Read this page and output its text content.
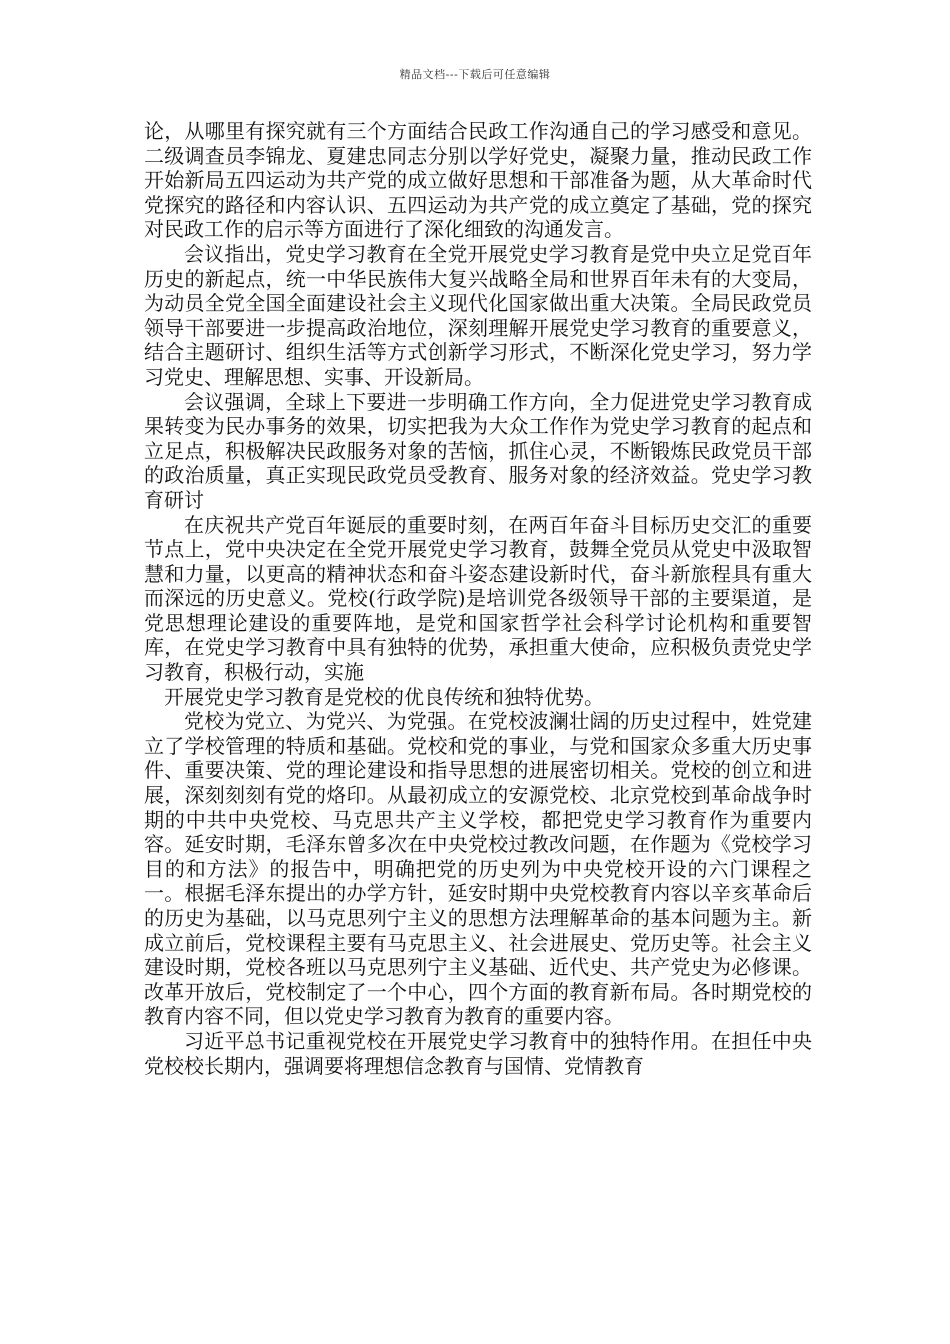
精品文档---下载后可任意编辑

论，从哪里有探究就有三个方面结合民政工作沟通自己的学习感受和意见。二级调查员李锦龙、夏建忠同志分别以学好党史，凝聚力量，推动民政工作开始新局五四运动为共产党的成立做好思想和干部准备为题，从大革命时代党探究的路径和内容认识、五四运动为共产党的成立奠定了基础，党的探究对民政工作的启示等方面进行了深化细致的沟通发言。

会议指出，党史学习教育在全党开展党史学习教育是党中央立足党百年历史的新起点，统一中华民族伟大复兴战略全局和世界百年未有的大变局，为动员全党全国全面建设社会主义现代化国家做出重大决策。全局民政党员领导干部要进一步提高政治地位，深刻理解开展党史学习教育的重要意义，结合主题研讨、组织生活等方式创新学习形式，不断深化党史学习，努力学习党史、理解思想、实事、开设新局。

会议强调，全球上下要进一步明确工作方向，全力促进党史学习教育成果转变为民办事务的效果，切实把我为大众工作作为党史学习教育的起点和立足点，积极解决民政服务对象的苦恼，抓住心灵，不断锻炼民政党员干部的政治质量，真正实现民政党员受教育、服务对象的经济效益。党史学习教育研讨

在庆祝共产党百年诞辰的重要时刻，在两百年奋斗目标历史交汇的重要节点上，党中央决定在全党开展党史学习教育，鼓舞全党员从党史中汲取智慧和力量，以更高的精神状态和奋斗姿态建设新时代，奋斗新旅程具有重大而深远的历史意义。党校(行政学院)是培训党各级领导干部的主要渠道，是党思想理论建设的重要阵地，是党和国家哲学社会科学讨论机构和重要智库，在党史学习教育中具有独特的优势，承担重大使命，应积极负责党史学习教育，积极行动，实施

开展党史学习教育是党校的优良传统和独特优势。

党校为党立、为党兴、为党强。在党校波澜壮阔的历史过程中，姓党建立了学校管理的特质和基础。党校和党的事业，与党和国家众多重大历史事件、重要决策、党的理论建设和指导思想的进展密切相关。党校的创立和进展，深刻刻刻有党的烙印。从最初成立的安源党校、北京党校到革命战争时期的中共中央党校、马克思共产主义学校，都把党史学习教育作为重要内容。延安时期，毛泽东曾多次在中央党校过教改问题，在作题为《党校学习目的和方法》的报告中，明确把党的历史列为中央党校开设的六门课程之一。根据毛泽东提出的办学方针，延安时期中央党校教育内容以辛亥革命后的历史为基础，以马克思列宁主义的思想方法理解革命的基本问题为主。新成立前后，党校课程主要有马克思主义、社会进展史、党历史等。社会主义建设时期，党校各班以马克思列宁主义基础、近代史、共产党史为必修课。改革开放后，党校制定了一个中心，四个方面的教育新布局。各时期党校的教育内容不同，但以党史学习教育为教育的重要内容。

习近平总书记重视党校在开展党史学习教育中的独特作用。在担任中央党校校长期内，强调要将理想信念教育与国情、党情教育
